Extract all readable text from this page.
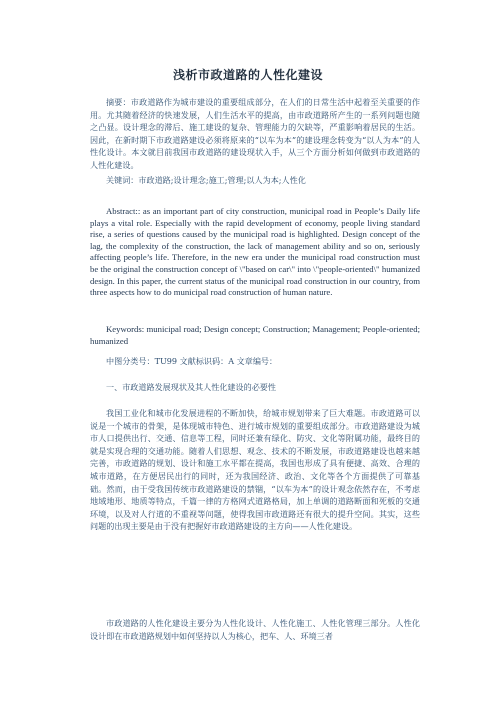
浅析市政道路的人性化建设
摘要：市政道路作为城市建设的重要组成部分，在人们的日常生活中起着至关重要的作用。尤其随着经济的快速发展，人们生活水平的提高，由市政道路所产生的一系列问题也随之凸显。设计理念的滞后、施工建设的复杂、管理能力的欠缺等，严重影响着居民的生活。因此，在新时期下市政道路建设必须将原来的“以车为本”的建设理念转变为“以人为本”的人性化设计。本文就目前我国市政道路的建设现状入手，从三个方面分析如何做到市政道路的人性化建设。
关键词：市政道路;设计理念;施工;管理;以人为本;人性化
Abstract:: as an important part of city construction, municipal road in People’s Daily life plays a vital role. Especially with the rapid development of economy, people living standard rise, a series of questions caused by the municipal road is highlighted. Design concept of the lag, the complexity of the construction, the lack of management ability and so on, seriously affecting people’s life. Therefore, in the new era under the municipal road construction must be the original the construction concept of \"based on car\" into \"people-oriented\" humanized design. In this paper, the current status of the municipal road construction in our country, from three aspects how to do municipal road construction of human nature.
Keywords: municipal road; Design concept; Construction; Management; People-oriented; humanized
中图分类号：TU99 文献标识码：A 文章编号：
一、市政道路发展现状及其人性化建设的必要性
我国工业化和城市化发展进程的不断加快，给城市规划带来了巨大难题。市政道路可以说是一个城市的骨架，是体现城市特色、进行城市规划的重要组成部分。市政道路建设为城市人口提供出行、交通、信息等工程，同时还兼有绿化、防灾、文化等附属功能，最终目的就是实现合理的交通功能。随着人们思想、观念、技术的不断发展，市政道路建设也越来越完善，市政道路的规划、设计和施工水平都在提高，我国也形成了具有便捷、高效、合理的城市道路，在方便居民出行的同时，还为我国经济、政治、文化等各个方面提供了可靠基础。然而，由于受我国传统市政道路建设的禁锢，“以车为本”的设计观念依然存在，不考虑地域地形、地质等特点，千篇一律的方格网式道路格局，加上单调的道路断面和死板的交通环境，以及对人行道的不重视等问题，使得我国市政道路还有很大的提升空间。其实，这些问题的出现主要是由于没有把握好市政道路建设的主方向——人性化建设。
市政道路的人性化建设主要分为人性化设计、人性化施工、人性化管理三部分。人性化设计即在市政道路规划中如何坚持以人为核心，把车、人、环境三者
